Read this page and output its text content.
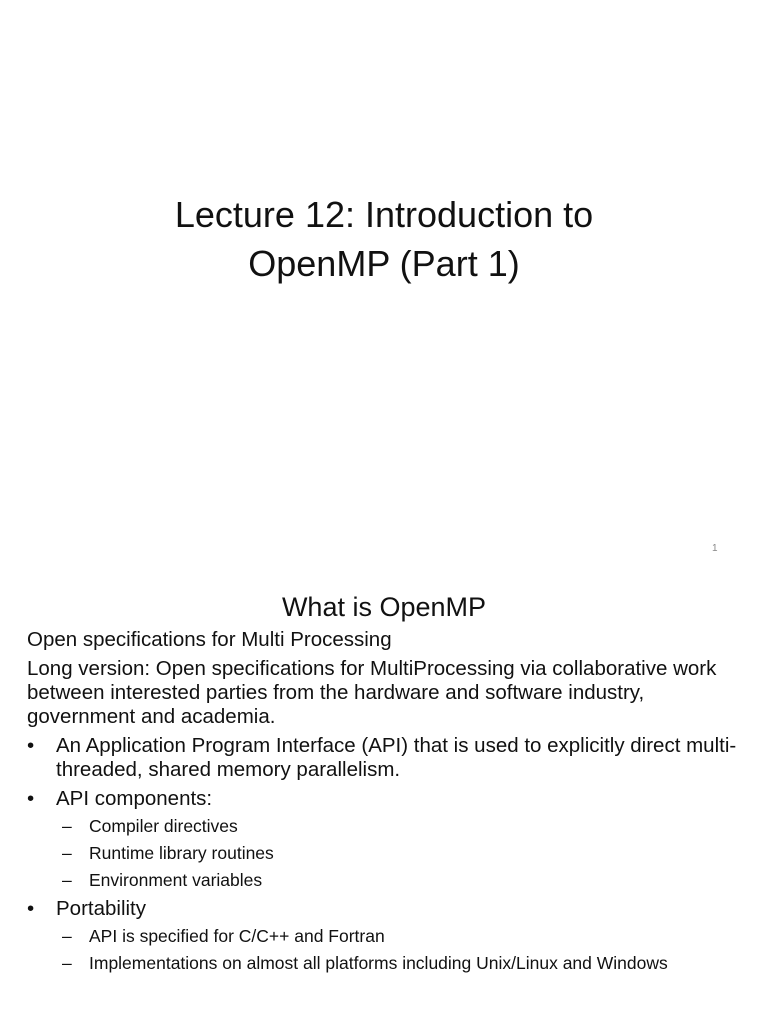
Lecture 12: Introduction to
OpenMP (Part 1)
1
What is OpenMP
Open specifications for Multi Processing
Long version: Open specifications for MultiProcessing via collaborative work between interested parties from the hardware and software industry, government and academia.
• An Application Program Interface (API) that is used to explicitly direct multi-threaded, shared memory parallelism.
• API components:
– Compiler directives
– Runtime library routines
– Environment variables
• Portability
– API is specified for C/C++ and Fortran
– Implementations on almost all platforms including Unix/Linux and Windows
